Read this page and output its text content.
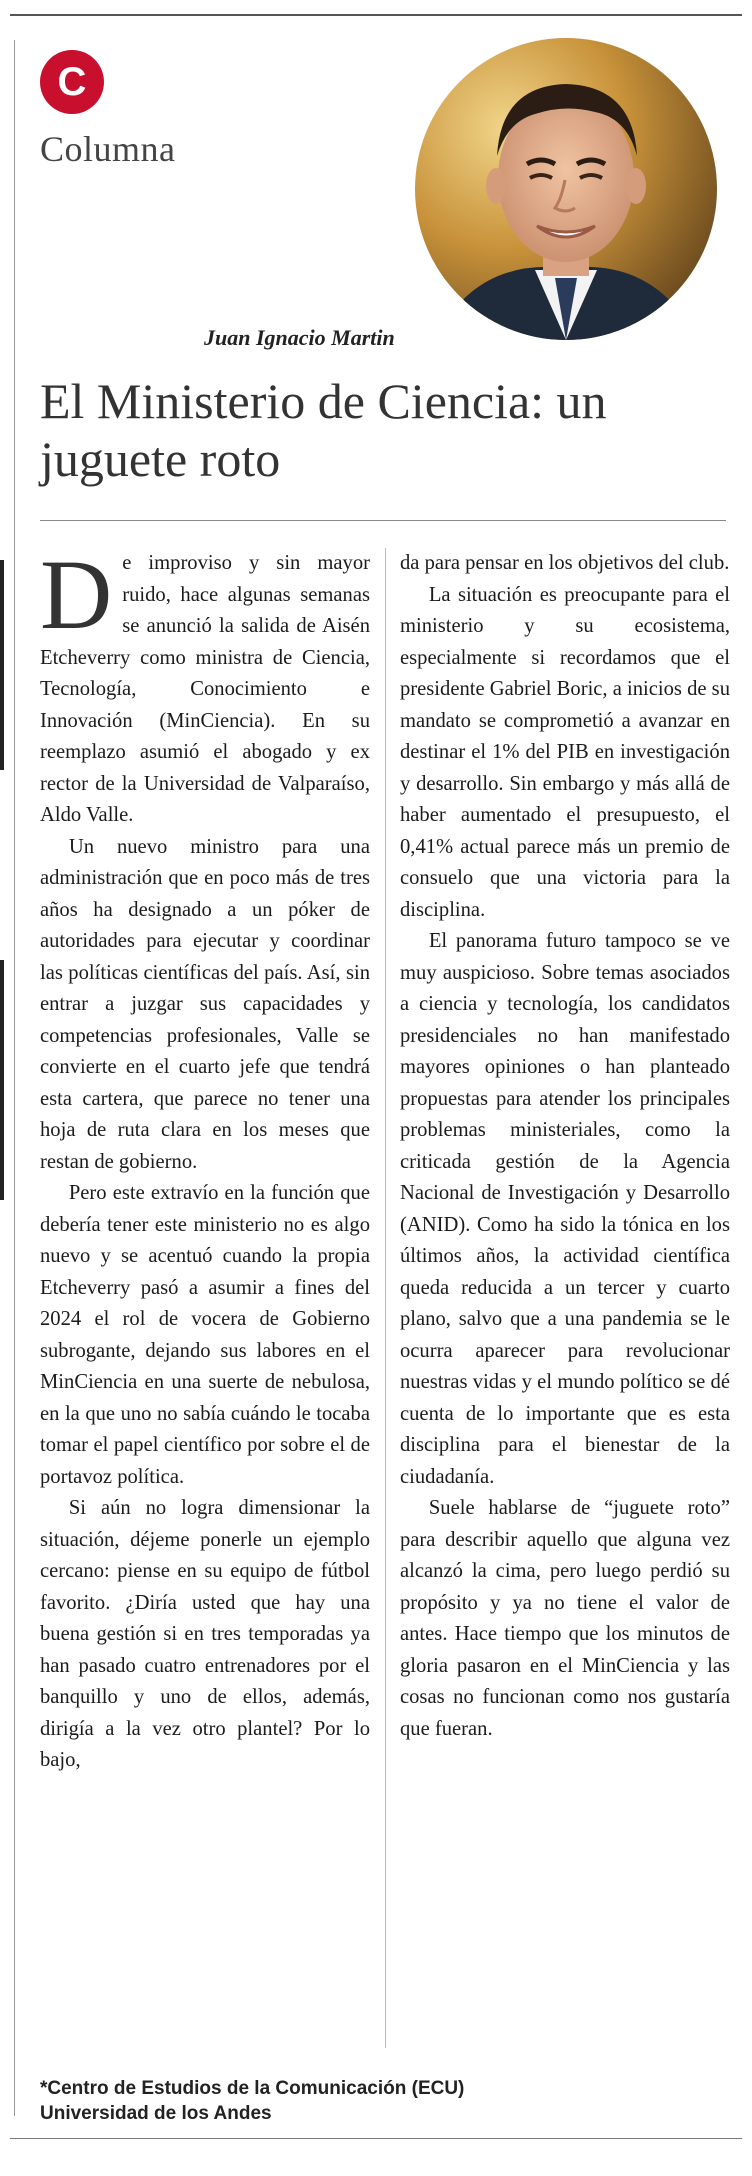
C
Columna
Juan Ignacio Martin
El Ministerio de Ciencia: un juguete roto

De improviso y sin mayor ruido, hace algunas semanas se anunció la salida de Aisén Etcheverry como ministra de Ciencia, Tecnología, Conocimiento e Innovación (MinCiencia). En su reemplazo asumió el abogado y ex rector de la Universidad de Valparaíso, Aldo Valle.

Un nuevo ministro para una administración que en poco más de tres años ha designado a un póker de autoridades para ejecutar y coordinar las políticas científicas del país. Así, sin entrar a juzgar sus capacidades y competencias profesionales, Valle se convierte en el cuarto jefe que tendrá esta cartera, que parece no tener una hoja de ruta clara en los meses que restan de gobierno.

Pero este extravío en la función que debería tener este ministerio no es algo nuevo y se acentuó cuando la propia Etcheverry pasó a asumir a fines del 2024 el rol de vocera de Gobierno subrogante, dejando sus labores en el MinCiencia en una suerte de nebulosa, en la que uno no sabía cuándo le tocaba tomar el papel científico por sobre el de portavoz política.

Si aún no logra dimensionar la situación, déjeme ponerle un ejemplo cercano: piense en su equipo de fútbol favorito. ¿Diría usted que hay una buena gestión si en tres temporadas ya han pasado cuatro entrenadores por el banquillo y uno de ellos, además, dirigía a la vez otro plantel? Por lo bajo,

da para pensar en los objetivos del club.

La situación es preocupante para el ministerio y su ecosistema, especialmente si recordamos que el presidente Gabriel Boric, a inicios de su mandato se comprometió a avanzar en destinar el 1% del PIB en investigación y desarrollo. Sin embargo y más allá de haber aumentado el presupuesto, el 0,41% actual parece más un premio de consuelo que una victoria para la disciplina.

El panorama futuro tampoco se ve muy auspicioso. Sobre temas asociados a ciencia y tecnología, los candidatos presidenciales no han manifestado mayores opiniones o han planteado propuestas para atender los principales problemas ministeriales, como la criticada gestión de la Agencia Nacional de Investigación y Desarrollo (ANID). Como ha sido la tónica en los últimos años, la actividad científica queda reducida a un tercer y cuarto plano, salvo que a una pandemia se le ocurra aparecer para revolucionar nuestras vidas y el mundo político se dé cuenta de lo importante que es esta disciplina para el bienestar de la ciudadanía.

Suele hablarse de “juguete roto” para describir aquello que alguna vez alcanzó la cima, pero luego perdió su propósito y ya no tiene el valor de antes. Hace tiempo que los minutos de gloria pasaron en el MinCiencia y las cosas no funcionan como nos gustaría que fueran.

*Centro de Estudios de la Comunicación (ECU)
Universidad de los Andes
